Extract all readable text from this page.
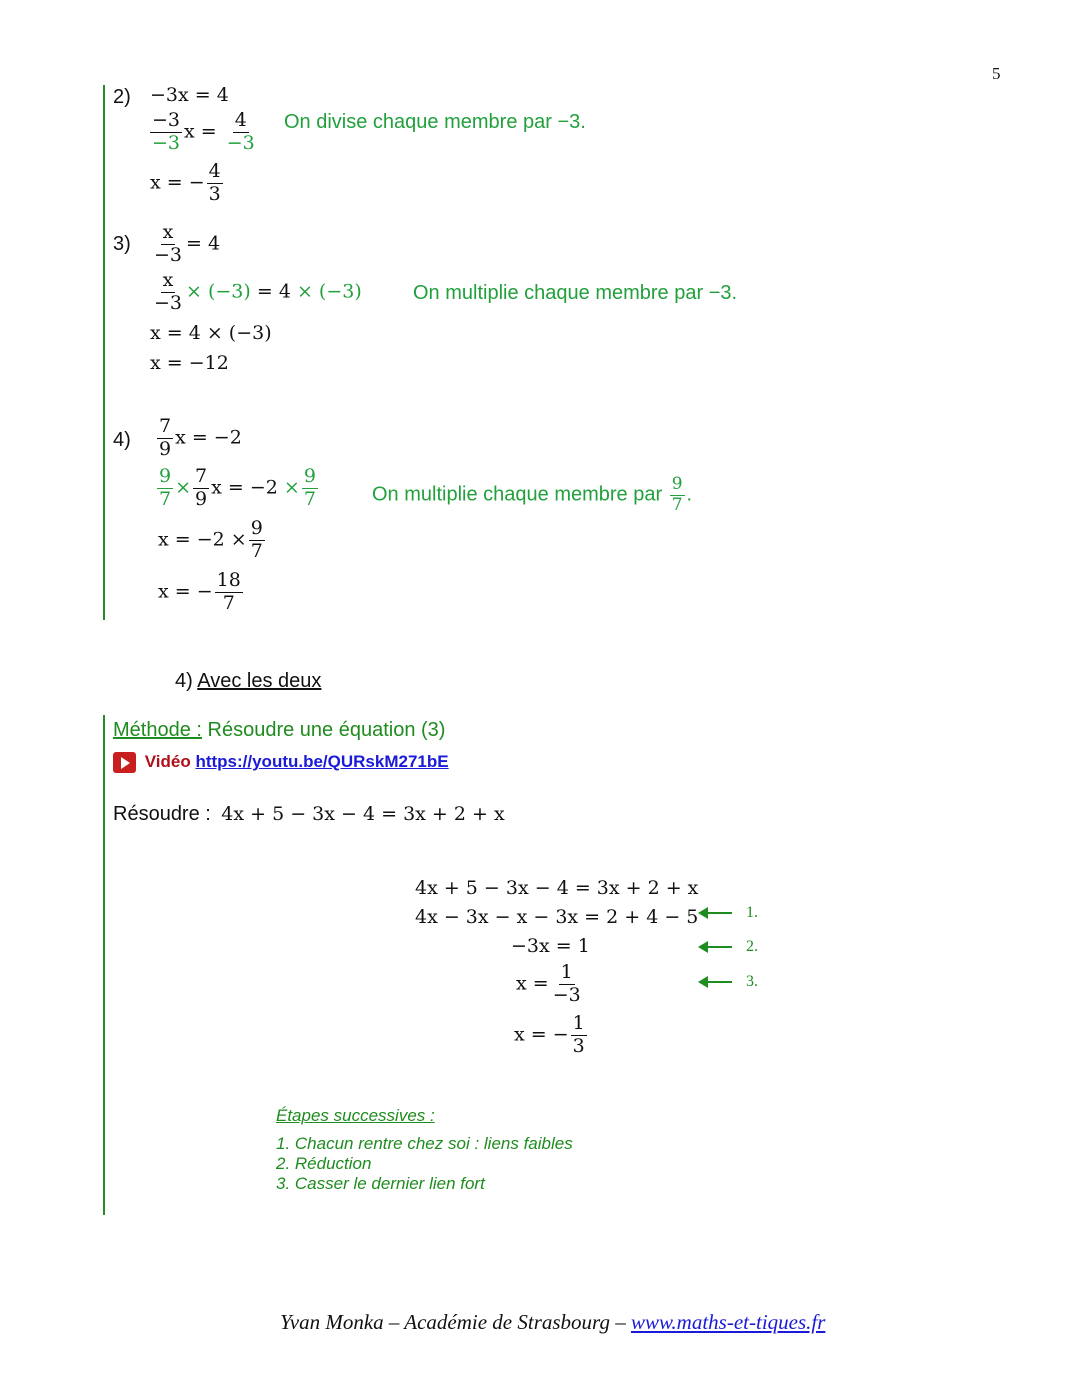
5
2) −3x = 4
$\frac{-3}{-3}$ $x = \frac{4}{-3}$ On divise chaque membre par −3.
x = − $\frac{4}{3}$
$3) \frac{x}{-3} = 4$
$\frac{x}{-3} \times (-3) = 4 \times (-3)$	On multiplie chaque membre par −3.
x = 4 × (−3)
x = −12
$4) \frac{7}{9}$ x = −2
$\frac{9}{7} \times \frac{7}{9}$ $x = -2 \times \frac{9}{7}$	On multiplie chaque membre par $\frac{9}{7}$ .
$x = -2 \times \frac{9}{7}$
x = − $\frac{18}{7}$
4) Avec les deux
Méthode : Résoudre une équation (3)
Vidéo https://youtu.be/QURskM271bE
Résoudre : 4x + 5 − 3x − 4 = 3x + 2 + x
4x + 5 − 3x − 4 = 3x + 2 + x
4x − 3x − x − 3x = 2 + 4 − 5
−3x = 1
$x = \frac{1}{-3}$
x = − $\frac{1}{3}$
1.
2.
3.
Étapes successives :
1. Chacun rentre chez soi : liens faibles
2. Réduction
3. Casser le dernier lien fort
Yvan Monka – Académie de Strasbourg – www.maths-et-tiques.fr
